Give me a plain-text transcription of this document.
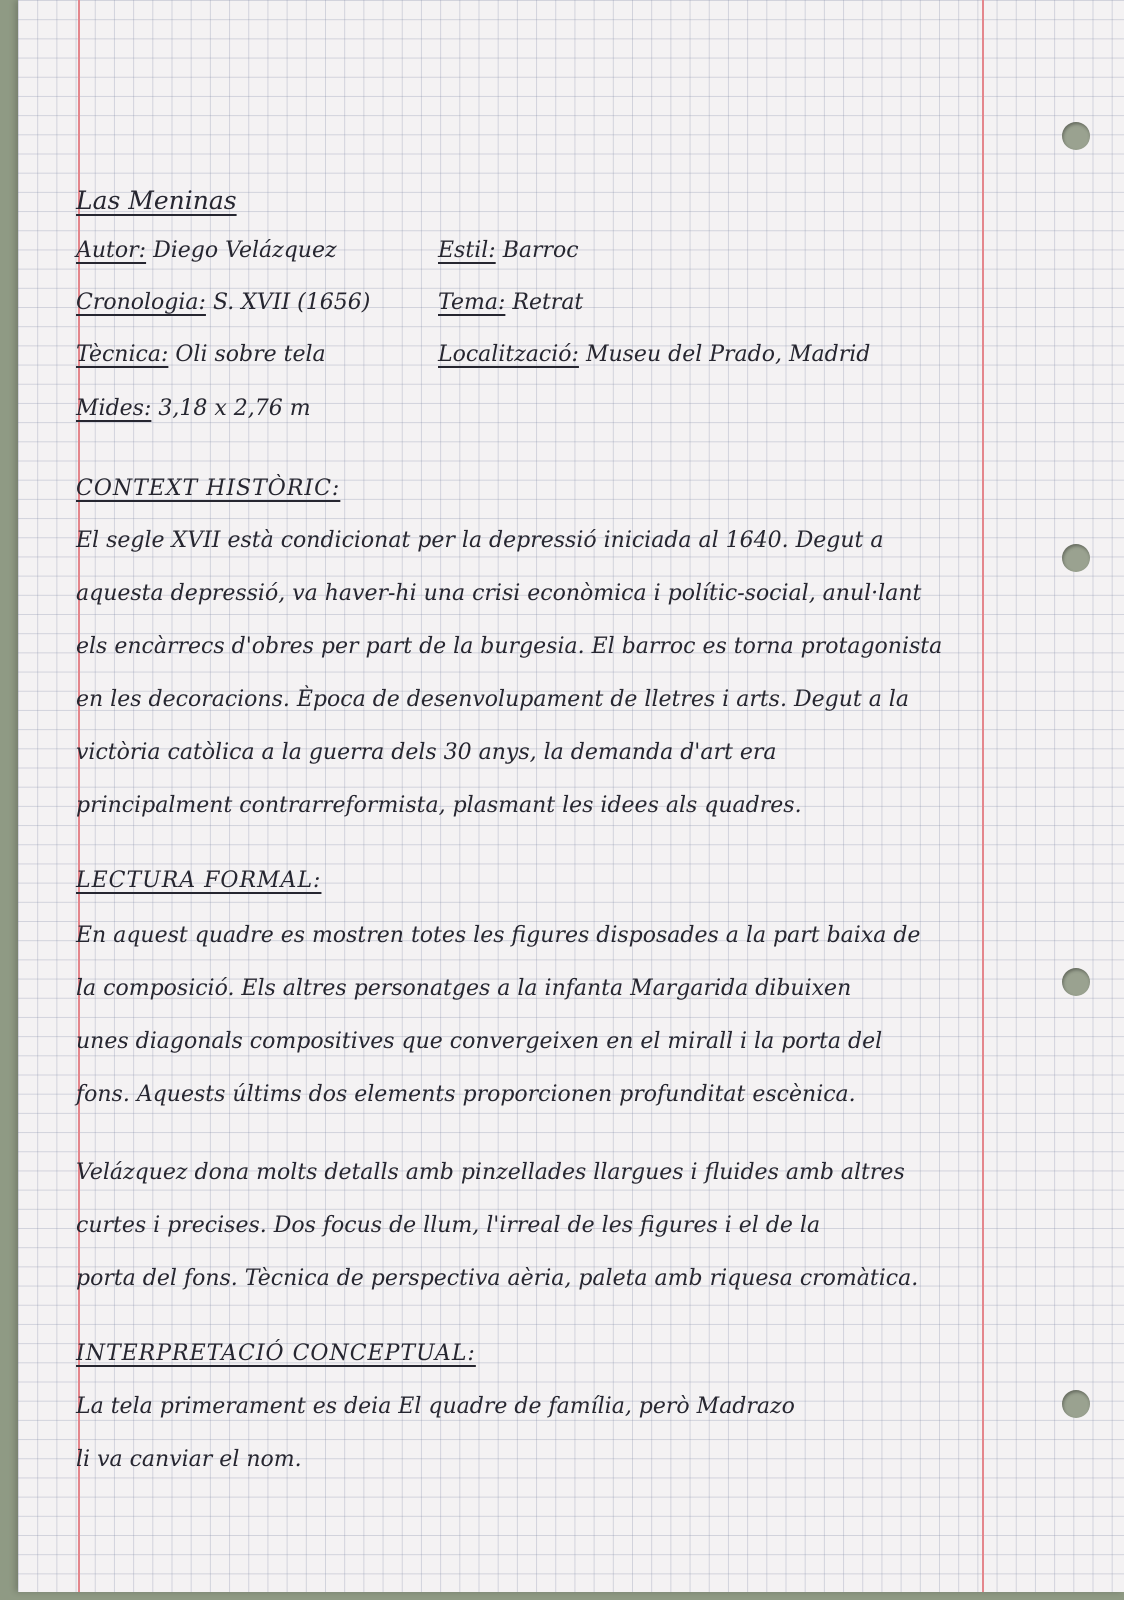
Las Meninas
Autor: Diego Velázquez
Cronologia: S. XVII (1656)
Tècnica: Oli sobre tela
Mides: 3,18 x 2,76 m
Estil: Barroc
Tema: Retrat
Localització: Museu del Prado, Madrid
CONTEXT HISTÒRIC:
El segle XVII està condicionat per la depressió iniciada al 1640. Degut a
aquesta depressió, va haver-hi una crisi econòmica i polític-social, anul·lant
els encàrrecs d'obres per part de la burgesia. El barroc es torna protagonista
en les decoracions. Època de desenvolupament de lletres i arts. Degut a la
victòria catòlica a la guerra dels 30 anys, la demanda d'art era
principalment contrarreformista, plasmant les idees als quadres.
LECTURA FORMAL:
En aquest quadre es mostren totes les figures disposades a la part baixa de
la composició. Els altres personatges a la infanta Margarida dibuixen
unes diagonals compositives que convergeixen en el mirall i la porta del
fons. Aquests últims dos elements proporcionen profunditat escènica.
Velázquez dona molts detalls amb pinzellades llargues i fluides amb altres
curtes i precises. Dos focus de llum, l'irreal de les figures i el de la
porta del fons. Tècnica de perspectiva aèria, paleta amb riquesa cromàtica.
INTERPRETACIÓ CONCEPTUAL:
La tela primerament es deia El quadre de família, però Madrazo
li va canviar el nom.
